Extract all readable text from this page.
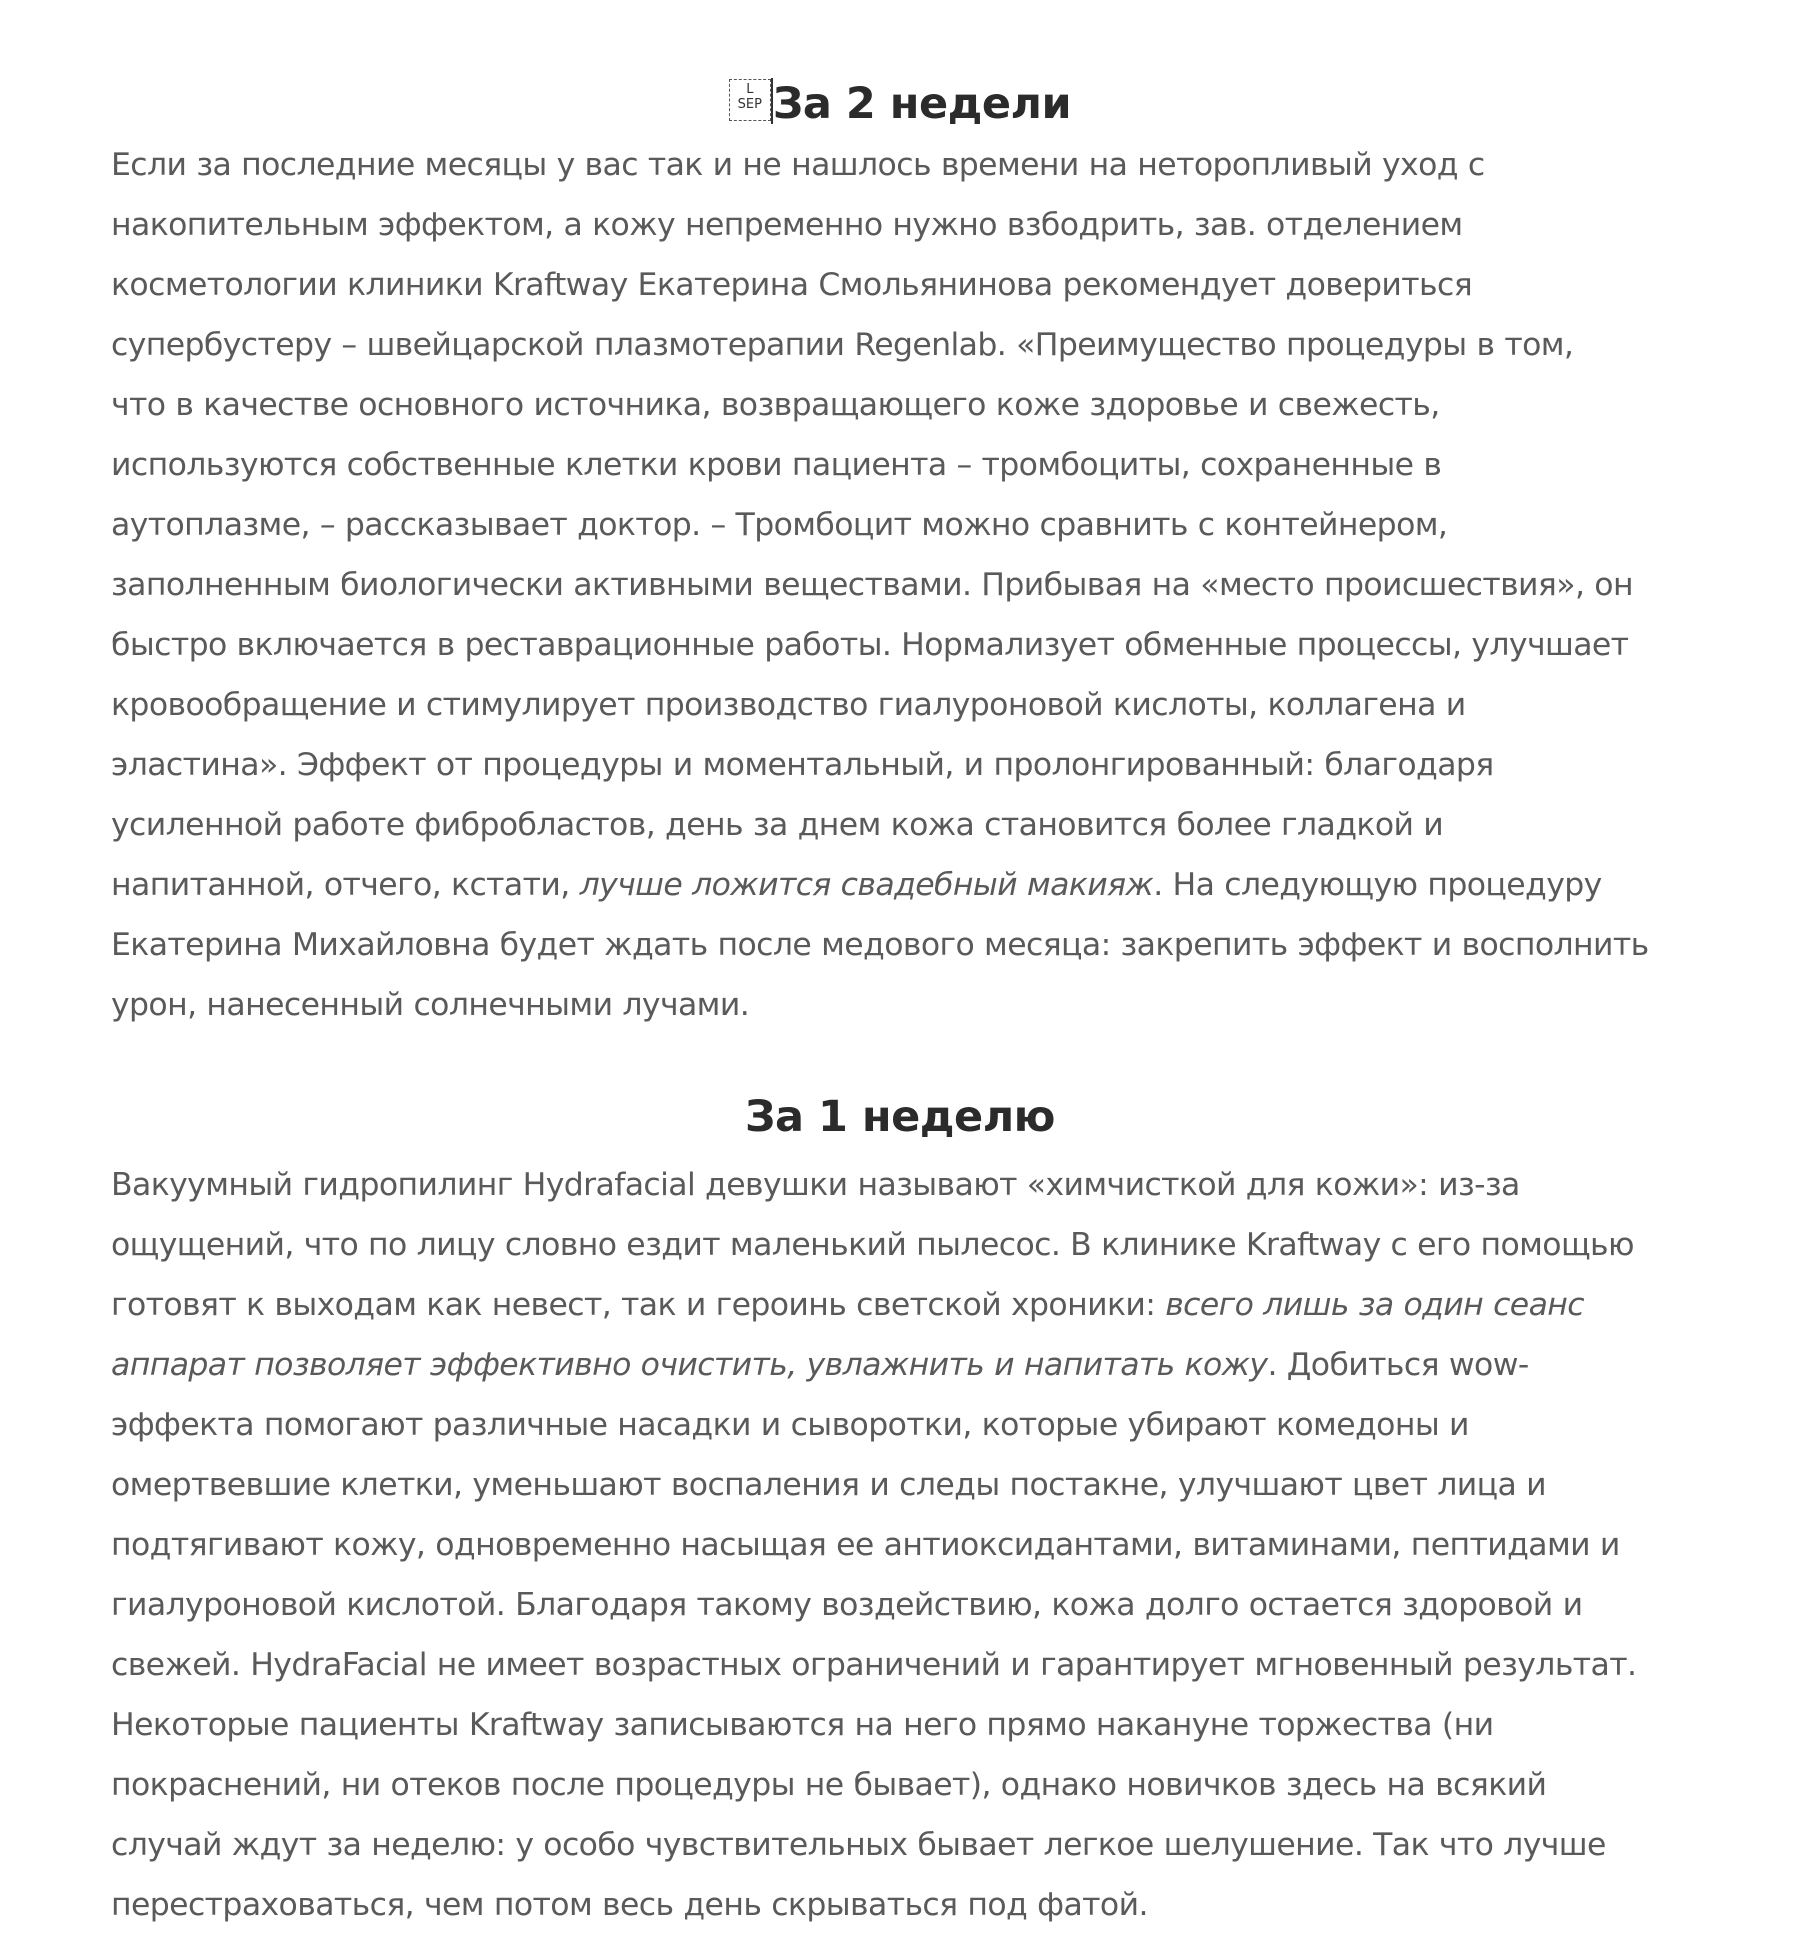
L
SEP За 2 недели

Если за последние месяцы у вас так и не нашлось времени на неторопливый уход с
накопительным эффектом, а кожу непременно нужно взбодрить, зав. отделением
косметологии клиники Kraftway Екатерина Смольянинова рекомендует довериться
супербустеру – швейцарской плазмотерапии Regenlab. «Преимущество процедуры в том,
что в качестве основного источника, возвращающего коже здоровье и свежесть,
используются собственные клетки крови пациента – тромбоциты, сохраненные в
аутоплазме, – рассказывает доктор. – Тромбоцит можно сравнить с контейнером,
заполненным биологически активными веществами. Прибывая на «место происшествия», он
быстро включается в реставрационные работы. Нормализует обменные процессы, улучшает
кровообращение и стимулирует производство гиалуроновой кислоты, коллагена и
эластина». Эффект от процедуры и моментальный, и пролонгированный: благодаря
усиленной работе фибробластов, день за днем кожа становится более гладкой и
напитанной, отчего, кстати, лучше ложится свадебный макияж. На следующую процедуру
Екатерина Михайловна будет ждать после медового месяца: закрепить эффект и восполнить
урон, нанесенный солнечными лучами.

За 1 неделю

Вакуумный гидропилинг Hydrafacial девушки называют «химчисткой для кожи»: из-за
ощущений, что по лицу словно ездит маленький пылесос. В клинике Kraftway с его помощью
готовят к выходам как невест, так и героинь светской хроники: всего лишь за один сеанс
аппарат позволяет эффективно очистить, увлажнить и напитать кожу. Добиться wow-
эффекта помогают различные насадки и сыворотки, которые убирают комедоны и
омертвевшие клетки, уменьшают воспаления и следы постакне, улучшают цвет лица и
подтягивают кожу, одновременно насыщая ее антиоксидантами, витаминами, пептидами и
гиалуроновой кислотой. Благодаря такому воздействию, кожа долго остается здоровой и
свежей. HydraFacial не имеет возрастных ограничений и гарантирует мгновенный результат.
Некоторые пациенты Kraftway записываются на него прямо накануне торжества (ни
покраснений, ни отеков после процедуры не бывает), однако новичков здесь на всякий
случай ждут за неделю: у особо чувствительных бывает легкое шелушение. Так что лучше
перестраховаться, чем потом весь день скрываться под фатой.
